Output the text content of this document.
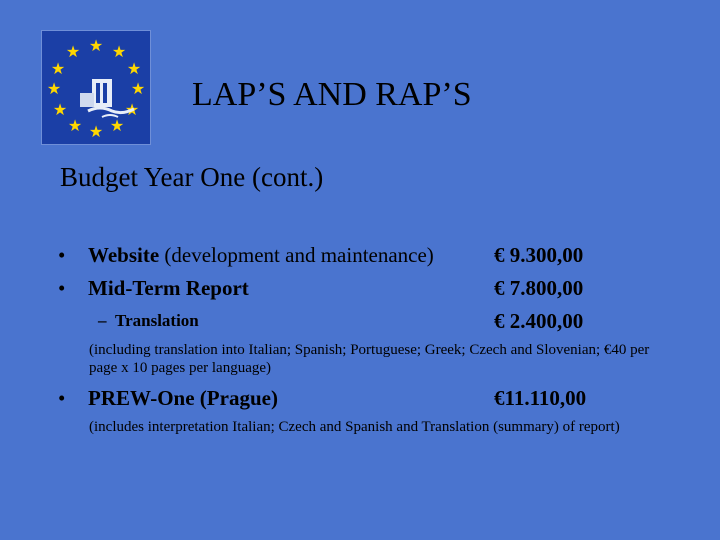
★ ★
★
★
★
★
★
★
★
★
★
★
LAP’S AND RAP’S
Budget Year One (cont.)
• Website (development and maintenance)	€ 9.300,00
• Mid-Term Report	€ 7.800,00
– Translation	€ 2.400,00
(including translation into Italian; Spanish; Portuguese; Greek; Czech and Slovenian; €40 per page x 10 pages per language)
• PREW-One (Prague)	€11.110,00
(includes interpretation Italian; Czech and Spanish and Translation (summary) of report)
